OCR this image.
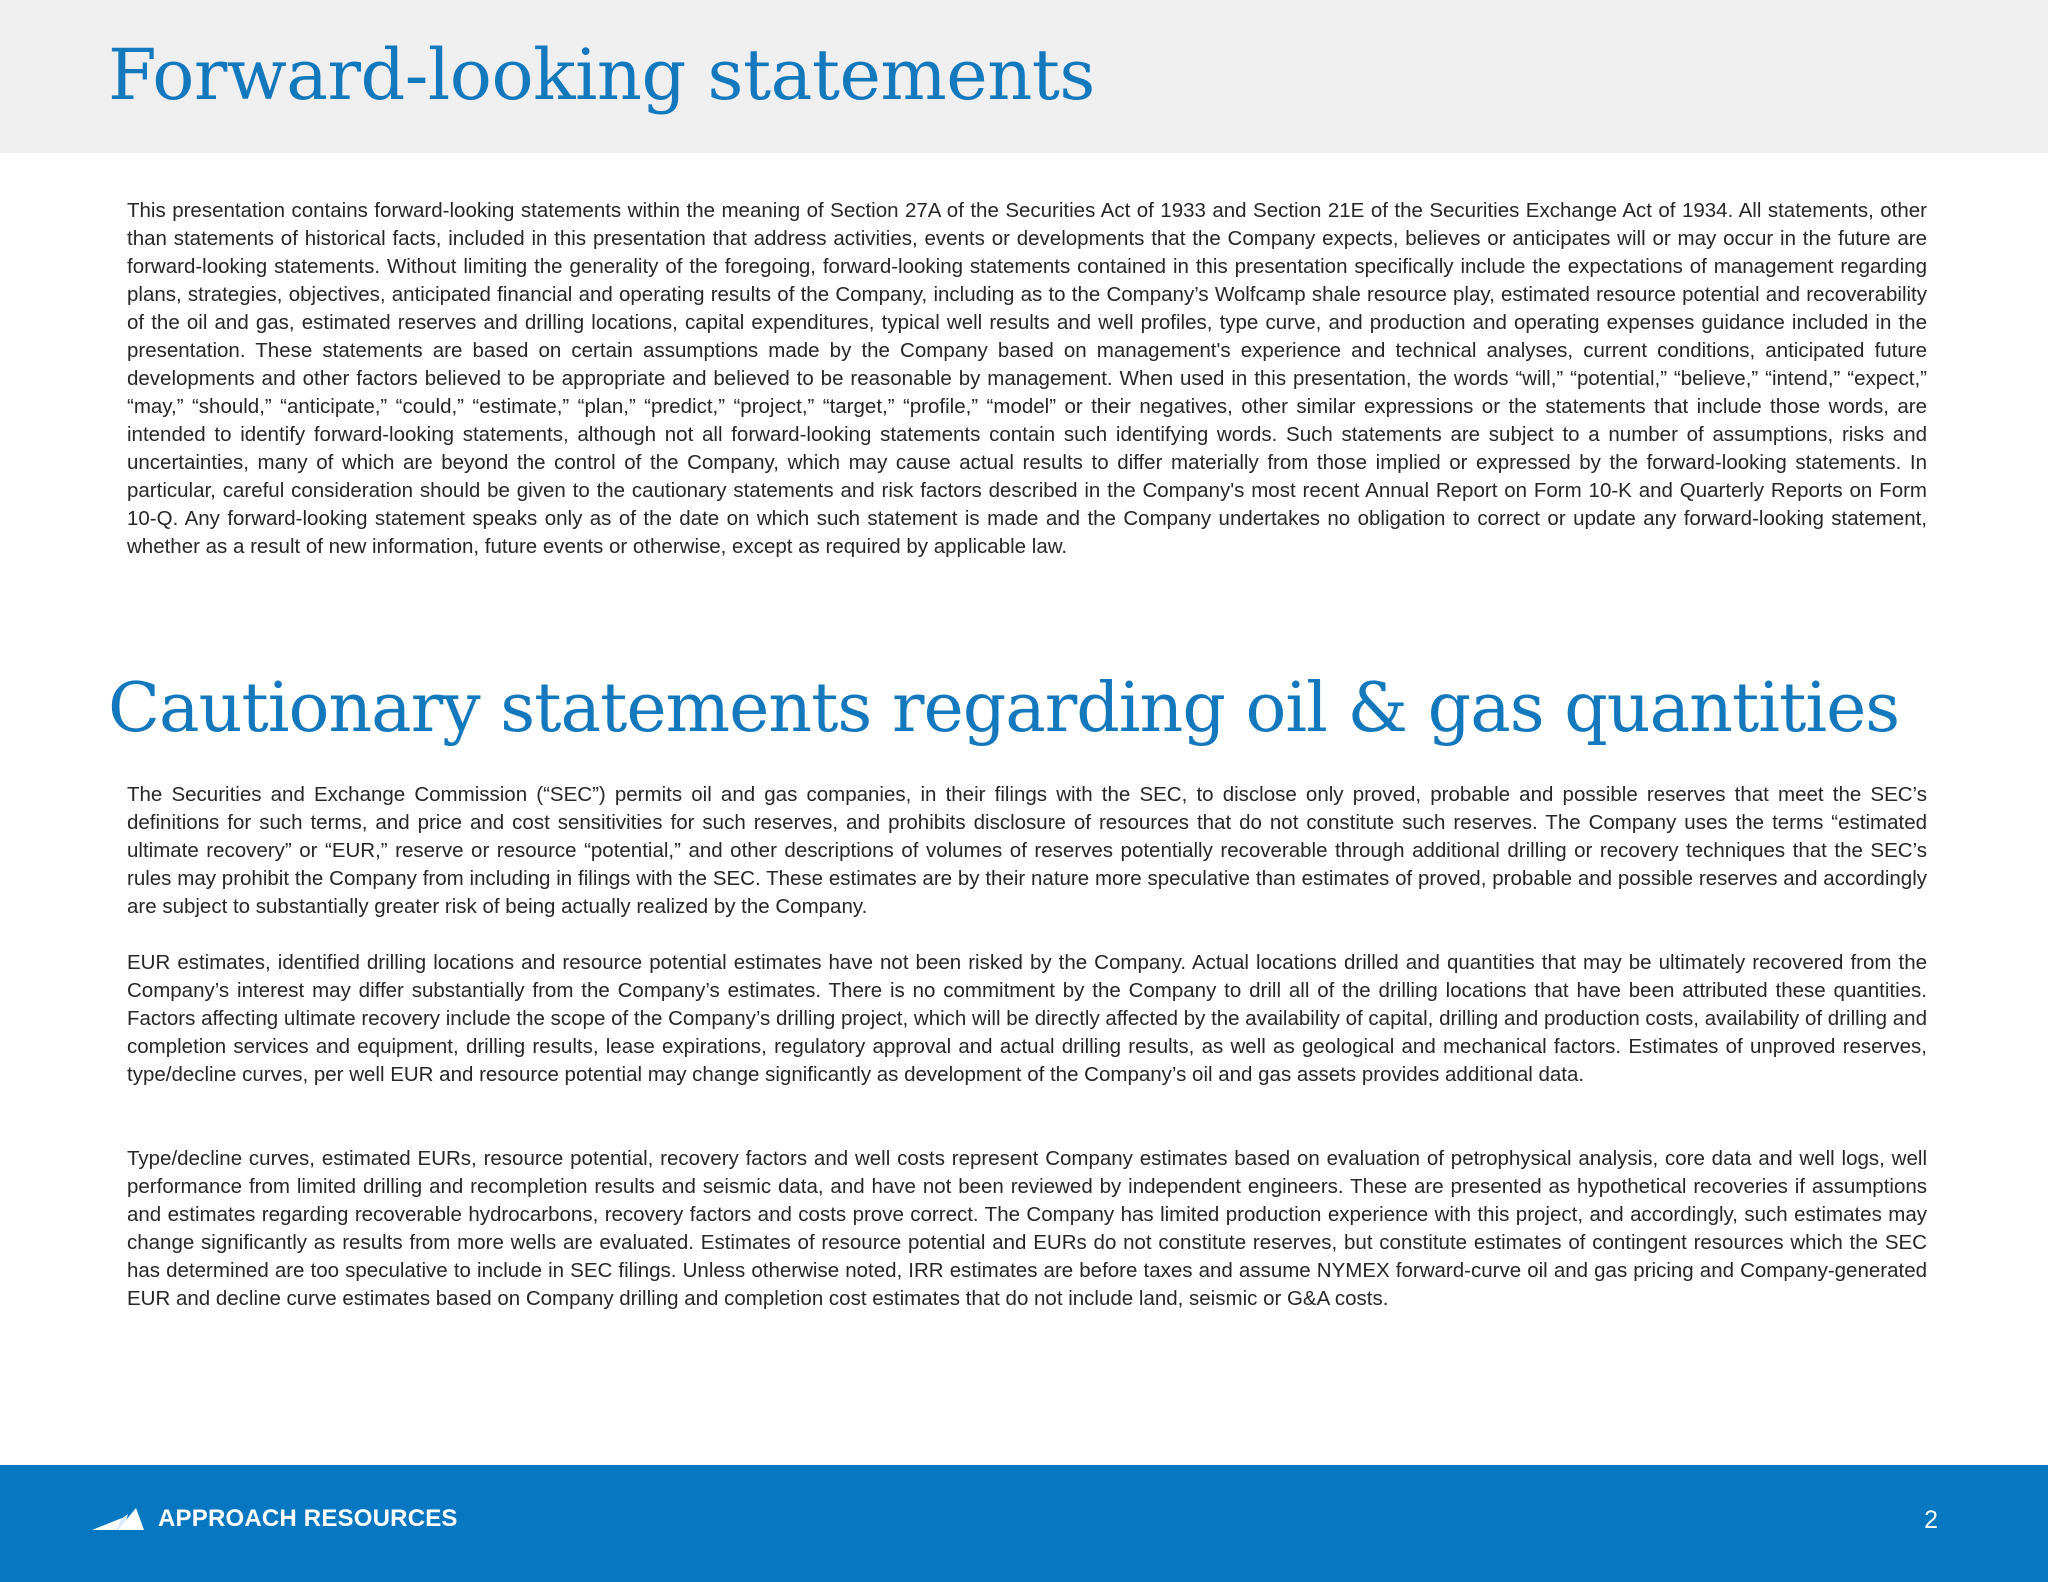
Forward-looking statements

This presentation contains forward-looking statements within the meaning of Section 27A of the Securities Act of 1933 and Section 21E of the Securities Exchange Act of 1934. All statements, other than statements of historical facts, included in this presentation that address activities, events or developments that the Company expects, believes or anticipates will or may occur in the future are forward-looking statements. Without limiting the generality of the foregoing, forward-looking statements contained in this presentation specifically include the expectations of management regarding plans, strategies, objectives, anticipated financial and operating results of the Company, including as to the Company’s Wolfcamp shale resource play, estimated resource potential and recoverability of the oil and gas, estimated reserves and drilling locations, capital expenditures, typical well results and well profiles, type curve, and production and operating expenses guidance included in the presentation. These statements are based on certain assumptions made by the Company based on management's experience and technical analyses, current conditions, anticipated future developments and other factors believed to be appropriate and believed to be reasonable by management. When used in this presentation, the words “will,” “potential,” “believe,” “intend,” “expect,” “may,” “should,” “anticipate,” “could,” “estimate,” “plan,” “predict,” “project,” “target,” “profile,” “model” or their negatives, other similar expressions or the statements that include those words, are intended to identify forward-looking statements, although not all forward-looking statements contain such identifying words. Such statements are subject to a number of assumptions, risks and uncertainties, many of which are beyond the control of the Company, which may cause actual results to differ materially from those implied or expressed by the forward-looking statements. In particular, careful consideration should be given to the cautionary statements and risk factors described in the Company's most recent Annual Report on Form 10-K and Quarterly Reports on Form 10-Q. Any forward-looking statement speaks only as of the date on which such statement is made and the Company undertakes no obligation to correct or update any forward-looking statement, whether as a result of new information, future events or otherwise, except as required by applicable law.

Cautionary statements regarding oil & gas quantities

The Securities and Exchange Commission (“SEC”) permits oil and gas companies, in their filings with the SEC, to disclose only proved, probable and possible reserves that meet the SEC’s definitions for such terms, and price and cost sensitivities for such reserves, and prohibits disclosure of resources that do not constitute such reserves. The Company uses the terms “estimated ultimate recovery” or “EUR,” reserve or resource “potential,” and other descriptions of volumes of reserves potentially recoverable through additional drilling or recovery techniques that the SEC’s rules may prohibit the Company from including in filings with the SEC. These estimates are by their nature more speculative than estimates of proved, probable and possible reserves and accordingly are subject to substantially greater risk of being actually realized by the Company.

EUR estimates, identified drilling locations and resource potential estimates have not been risked by the Company. Actual locations drilled and quantities that may be ultimately recovered from the Company’s interest may differ substantially from the Company’s estimates. There is no commitment by the Company to drill all of the drilling locations that have been attributed these quantities. Factors affecting ultimate recovery include the scope of the Company’s drilling project, which will be directly affected by the availability of capital, drilling and production costs, availability of drilling and completion services and equipment, drilling results, lease expirations, regulatory approval and actual drilling results, as well as geological and mechanical factors. Estimates of unproved reserves, type/decline curves, per well EUR and resource potential may change significantly as development of the Company’s oil and gas assets provides additional data.

Type/decline curves, estimated EURs, resource potential, recovery factors and well costs represent Company estimates based on evaluation of petrophysical analysis, core data and well logs, well performance from limited drilling and recompletion results and seismic data, and have not been reviewed by independent engineers. These are presented as hypothetical recoveries if assumptions and estimates regarding recoverable hydrocarbons, recovery factors and costs prove correct. The Company has limited production experience with this project, and accordingly, such estimates may change significantly as results from more wells are evaluated. Estimates of resource potential and EURs do not constitute reserves, but constitute estimates of contingent resources which the SEC has determined are too speculative to include in SEC filings. Unless otherwise noted, IRR estimates are before taxes and assume NYMEX forward-curve oil and gas pricing and Company-generated EUR and decline curve estimates based on Company drilling and completion cost estimates that do not include land, seismic or G&A costs.

APPROACH RESOURCES	2
